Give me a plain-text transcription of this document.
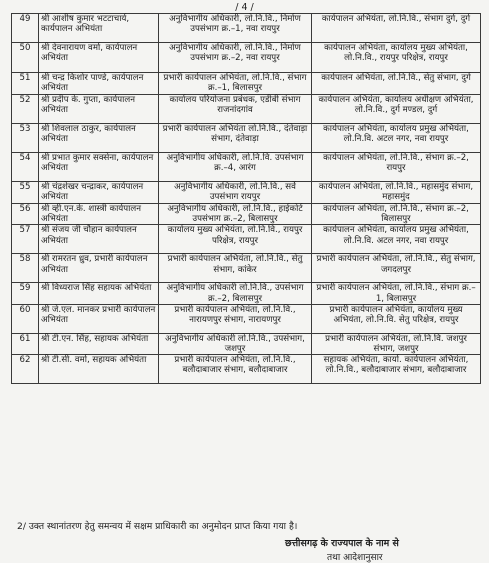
/ 4 /
49	श्री आशीष कुमार भटटाचार्य, कार्यपालन अभियंता	अनुविभागीय अधिकारी, लो.नि.वि., निर्माण उपसंभाग क्र.–1, नवा रायपुर	कार्यपालन अभियंता, लो.नि.वि., संभाग दुर्ग, दुर्ग
50	श्री देवनारायण वर्मा, कार्यपालन अभियंता	अनुविभागीय अधिकारी, लो.नि.वि., निर्माण उपसंभाग क्र.–2, नवा रायपुर	कार्यपालन अभियंता, कार्यालय मुख्य अभियंता, लो.नि.वि., रायपुर परिक्षेत्र, रायपुर
51	श्री चन्द्र किशोर पाण्डे, कार्यपालन अभियंता	प्रभारी कार्यपालन अभियंता, लो.नि.वि., संभाग क्र.–1, बिलासपुर	कार्यपालन अभियंता, लो.नि.वि., सेतु संभाग, दुर्ग
52	श्री प्रदीप के. गुप्ता, कार्यपालन अभियंता	कार्यालय परियोजना प्रबंधक, एडीबी संभाग राजनांदगांव	कार्यपालन अभियंता, कार्यालय अधीक्षण अभियंता, लो.नि.वि., दुर्ग मण्डल, दुर्ग
53	श्री शिवलाल ठाकुर, कार्यपालन अभियंता	प्रभारी कार्यपालन अभियंता लो.नि.वि., दंतेवाड़ा संभाग, दंतेवाड़ा	कार्यपालन अभियंता, कार्यालय प्रमुख अभियंता, लो.नि.वि. अटल नगर, नवा रायपुर
54	श्री प्रभात कुमार सक्सेना, कार्यपालन अभियंता	अनुविभागीय अधिकारी, लो.नि.वि. उपसंभाग क्र.–4, आरंग	कार्यपालन अभियंता, लो.नि.वि., संभाग क्र.–2, रायपुर
55	श्री चंद्रशेखर चन्द्राकर, कार्यपालन अभियंता	अनुविभागीय अधिकारी, लो.नि.वि., सर्वे उपसंभाग रायपुर	कार्यपालन अभियंता, लो.नि.वि., महासमुंद संभाग, महासमुंद
56	श्री व्ही.एन.के. शास्त्री कार्यपालन अभियंता	अनुविभागीय अधिकारी, लो.नि.वि., हाईकोर्ट उपसंभाग क्र.–2, बिलासपुर	कार्यपालन अभियंता, लो.नि.वि., संभाग क्र.–2, बिलासपुर
57	श्री संजय जी चौहान कार्यपालन अभियंता	कार्यालय मुख्य अभियंता, लो.नि.वि., रायपुर परिक्षेत्र, रायपुर	कार्यपालन अभियंता, कार्यालय प्रमुख अभियंता, लो.नि.वि. अटल नगर, नवा रायपुर
58	श्री रामरतन ध्रुव, प्रभारी कार्यपालन अभियंता	प्रभारी कार्यपालन अभियंता, लो.नि.वि., सेतु संभाग, कांकेर	प्रभारी कार्यपालन अभियंता, लो.नि.वि., सेतु संभाग, जगदलपुर
59	श्री विध्यराज सिंह सहायक अभियंता	अनुविभागीय अधिकारी लो.नि.वि., उपसंभाग क्र.–2, बिलासपुर	प्रभारी कार्यपालन अभियंता, लो.नि.वि., संभाग क्र.–1, बिलासपुर
60	श्री जे.एल. मानकर प्रभारी कार्यपालन अभियंता	प्रभारी कार्यपालन अभियंता, लो.नि.वि., नारायणपुर संभाग, नारायणपुर	प्रभारी कार्यपालन अभियंता, कार्यालय मुख्य अभियंता, लो.नि.वि. सेतु परिक्षेत्र, रायपुर
61	श्री टी.एन. सिंह, सहायक अभियंता	अनुविभागीय अधिकारी लो.नि.वि., उपसंभाग, जशपुर	प्रभारी कार्यपालन अभियंता, लो.नि.वि. जशपुर संभाग, जशपुर
62	श्री टी.सी. वर्मा, सहायक अभियंता	प्रभारी कार्यपालन अभियंता, लो.नि.वि., बलौदाबाजार संभाग, बलौदाबाजार	सहायक अभियंता, कार्या. कार्यपालन अभियंता, लो.नि.वि., बलौदाबाजार संभाग, बलौदाबाजार
2/ उक्त स्थानांतरण हेतु समन्वय में सक्षम प्राधिकारी का अनुमोदन प्राप्त किया गया है।
छत्तीसगढ़ के राज्यपाल के नाम से
तथा आदेशानुसार
